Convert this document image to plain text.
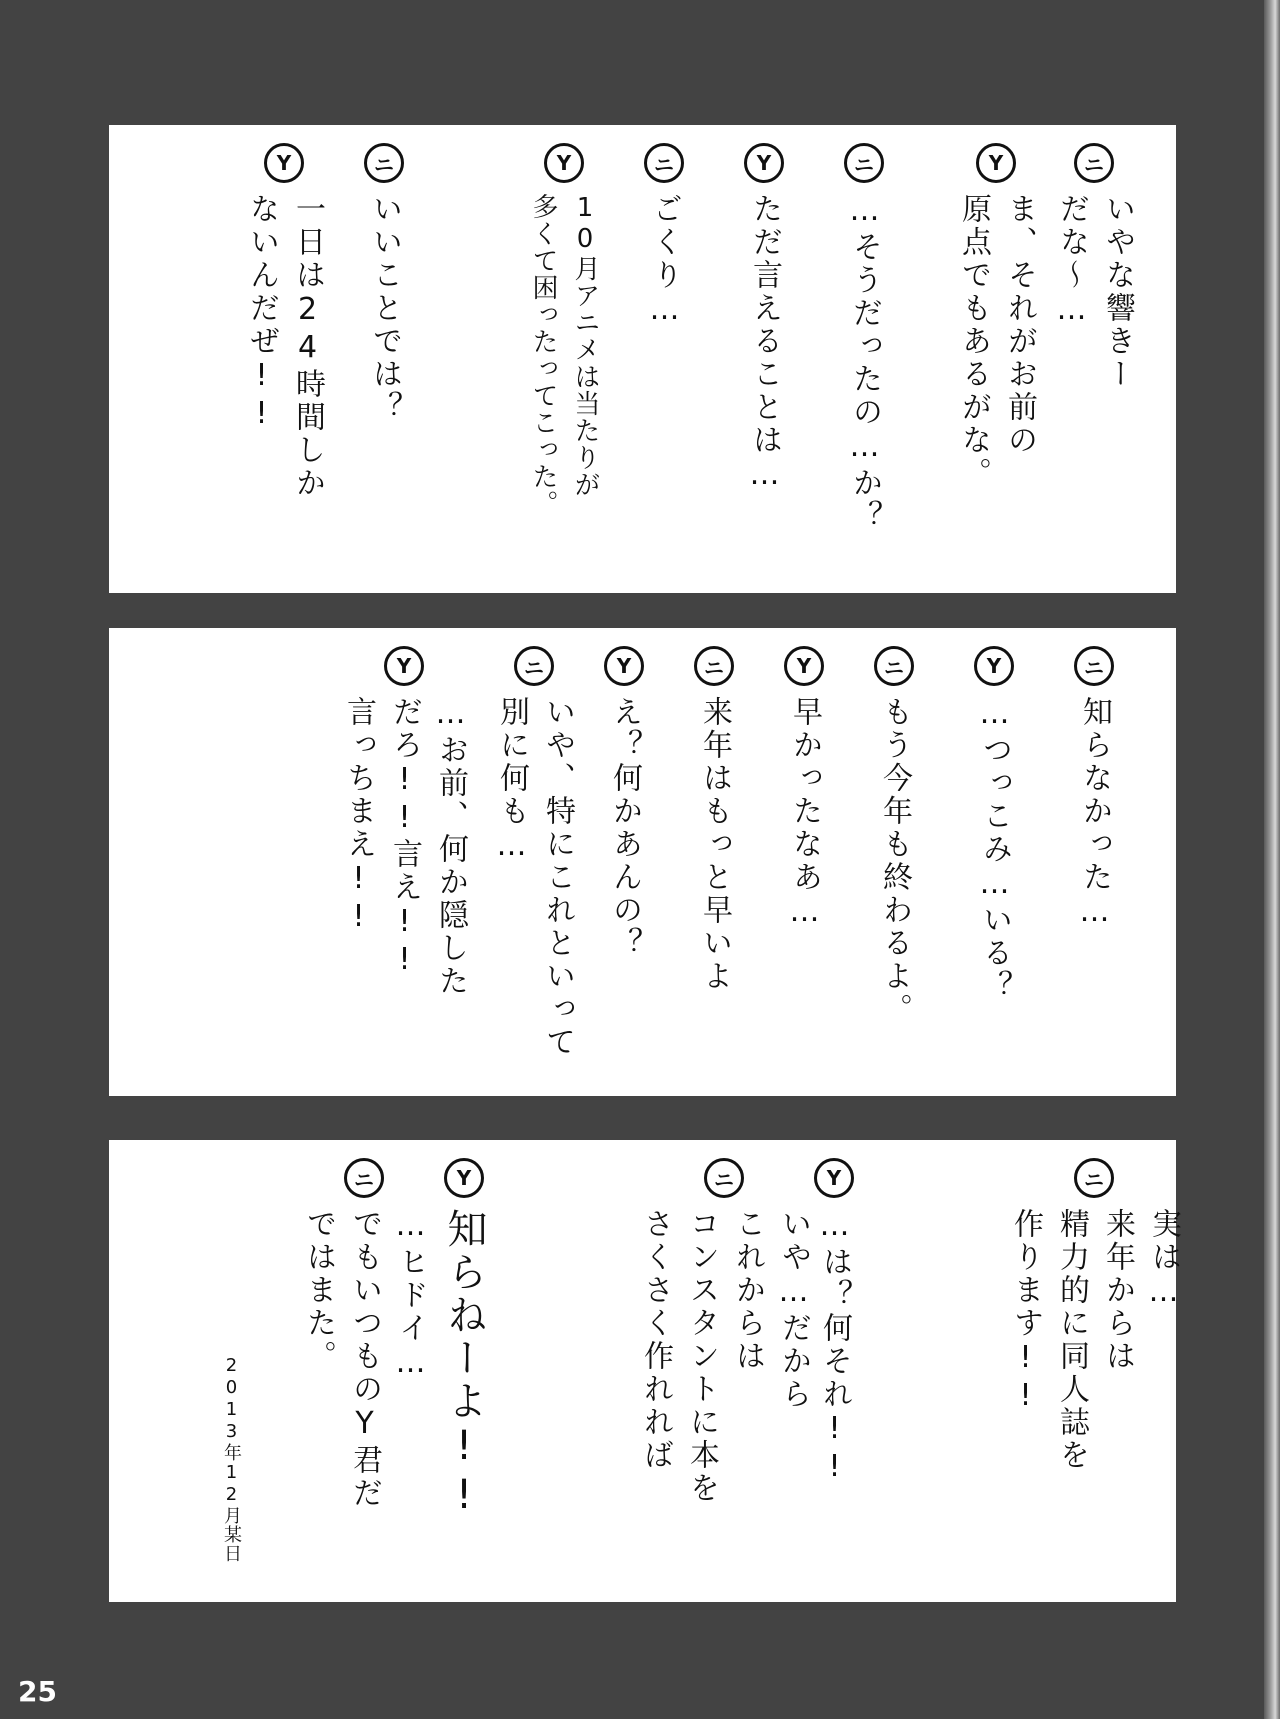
ニ

いやな響きー

だな〜…

Y

ま、それがお前の

原点でもあるがな。

ニ

…そうだったの…か？

Y

ただ言えることは…

ニ

ごくり…

Y

10月アニメは当たりが

多くて困ったってこった。

ニ

いいことでは？

Y

一日は24時間しか

ないんだぜ!!

ニ

知らなかった…

Y

…つっこみ…いる？

ニ

もう今年も終わるよ。

Y

早かったなあ…

ニ

来年はもっと早いよ

Y

え？何かあんの？

ニ

いや、特にこれといって

別に何も…

Y

…お前、何か隠した

だろ!!言え!!

言っちまえ!!

ニ

実は…

来年からは

精力的に同人誌を

作ります!!

Y

…は？何それ!!

ニ

いや…だから

これからは

コンスタントに本を

さくさく作れれば

Y

知らねーよ!!

ニ

…ヒドイ…

でもいつものY君だ

ではまた。

2013年12月某日

25
